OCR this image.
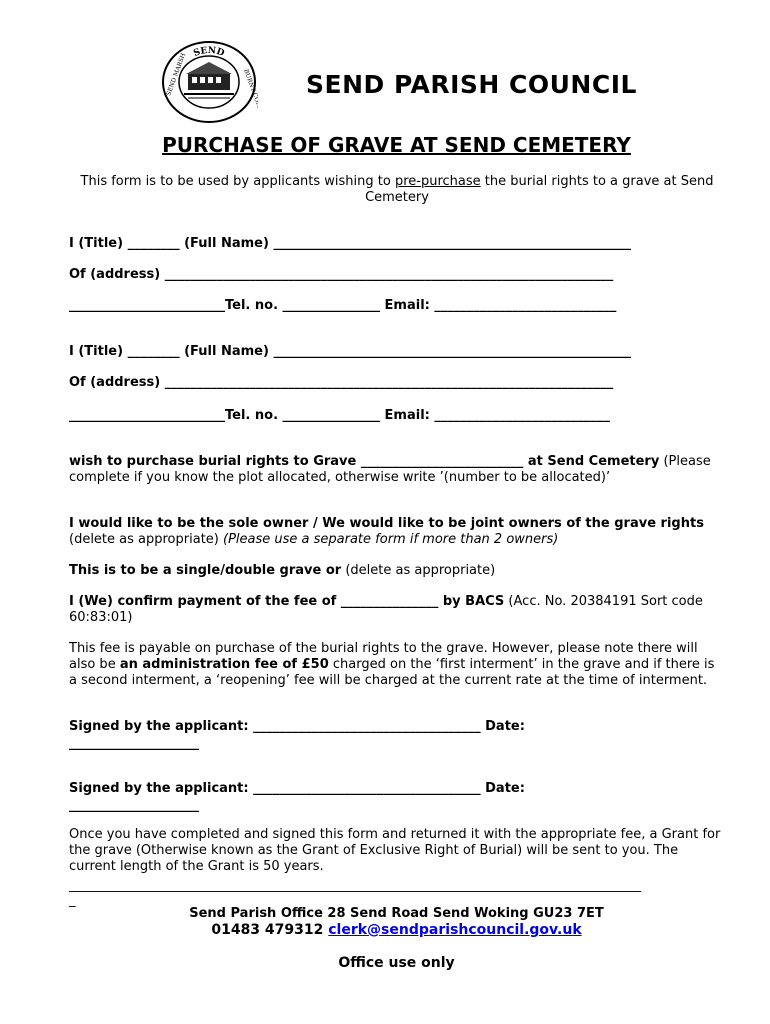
SEND
BURNT COMMON
SEND MARSH	SEND PARISH COUNCIL
PURCHASE OF GRAVE AT SEND CEMETERY
This form is to be used by applicants wishing to pre-purchase the burial rights to a grave at Send Cemetery
I (Title) ________ (Full Name) _______________________________________________________
Of (address) _____________________________________________________________________
________________________Tel. no. _______________ Email: ____________________________
I (Title) ________ (Full Name) _______________________________________________________
Of (address) _____________________________________________________________________
________________________Tel. no. _______________ Email: ___________________________
wish to purchase burial rights to Grave _________________________ at Send Cemetery (Please complete if you know the plot allocated, otherwise write ’(number to be allocated)’
I would like to be the sole owner / We would like to be joint owners of the grave rights (delete as appropriate) (Please use a separate form if more than 2 owners)
This is to be a single/double grave or (delete as appropriate)
I (We) confirm payment of the fee of _______________ by BACS (Acc. No. 20384191 Sort code 60:83:01)
This fee is payable on purchase of the burial rights to the grave. However, please note there will also be an administration fee of £50 charged on the ‘first interment’ in the grave and if there is a second interment, a ‘reopening’ fee will be charged at the current rate at the time of interment.
Signed by the applicant: ___________________________________ Date:
____________________
Signed by the applicant: ___________________________________ Date:
____________________
Once you have completed and signed this form and returned it with the appropriate fee, a Grant for the grave (Otherwise known as the Grant of Exclusive Right of Burial) will be sent to you. The current length of the Grant is 50 years.
________________________________________________________________________________________
_
Send Parish Office 28 Send Road Send Woking GU23 7ET
01483 479312 clerk@sendparishcouncil.gov.uk
Office use only
